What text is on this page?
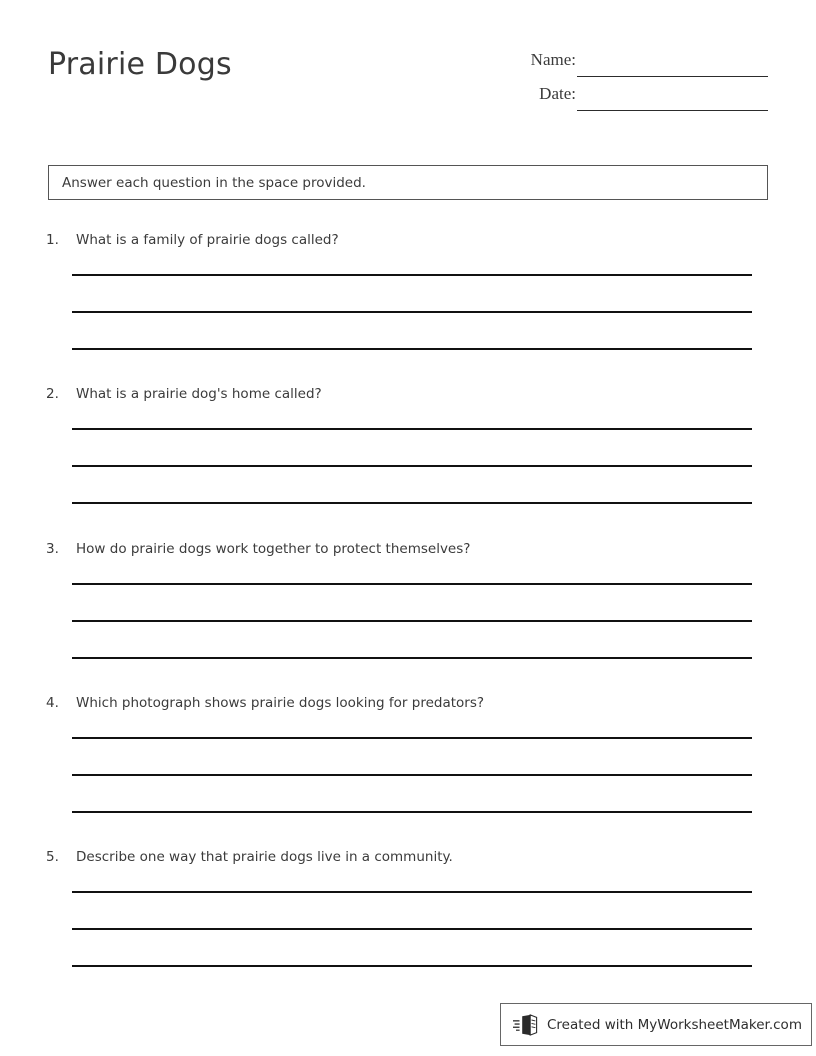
Prairie Dogs	Name:
Date:
Answer each question in the space provided.
1.	What is a family of prairie dogs called?
2.	What is a prairie dog's home called?
3.	How do prairie dogs work together to protect themselves?
4.	Which photograph shows prairie dogs looking for predators?
5.	Describe one way that prairie dogs live in a community.
Created with MyWorksheetMaker.com
